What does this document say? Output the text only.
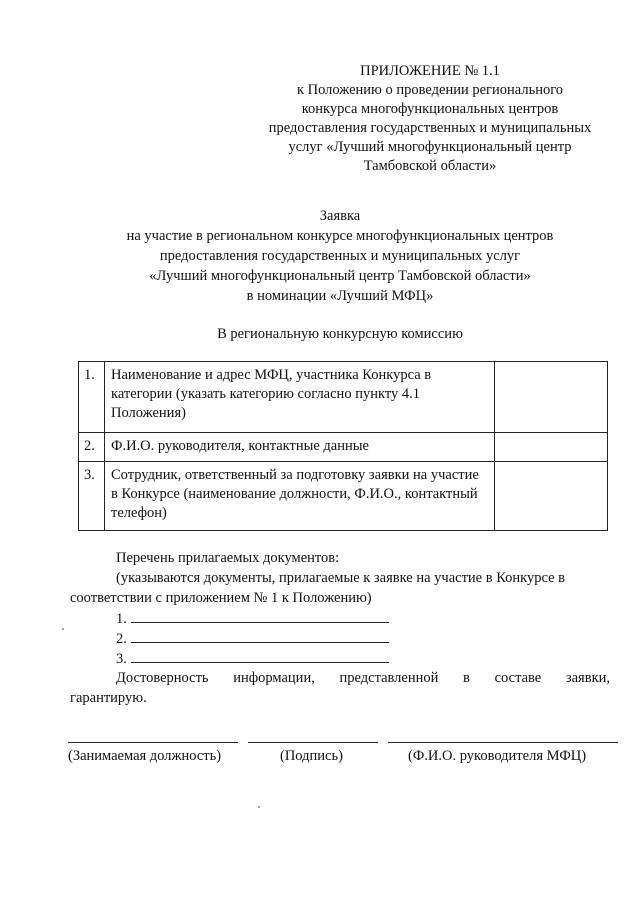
ПРИЛОЖЕНИЕ № 1.1
к Положению о проведении регионального
конкурса многофункциональных центров
предоставления государственных и муниципальных
услуг «Лучший многофункциональный центр
Тамбовской области»
Заявка
на участие в региональном конкурсе многофункциональных центров
предоставления государственных и муниципальных услуг
«Лучший многофункциональный центр Тамбовской области»
в номинации «Лучший МФЦ»
В региональную конкурсную комиссию
1.	Наименование и адрес МФЦ, участника Конкурса в категории (указать категорию согласно пункту 4.1 Положения)	
2.	Ф.И.О. руководителя, контактные данные	
3.	Сотрудник, ответственный за подготовку заявки на участие в Конкурсе (наименование должности, Ф.И.О., контактный телефон)	
Перечень прилагаемых документов:
(указываются документы, прилагаемые к заявке на участие в Конкурсе в
соответствии с приложением № 1 к Положению)
1.
2.
3.
Достоверность информации, представленной в составе заявки,
гарантирую.
(Занимаемая должность)	(Подпись)	(Ф.И.О. руководителя МФЦ)
